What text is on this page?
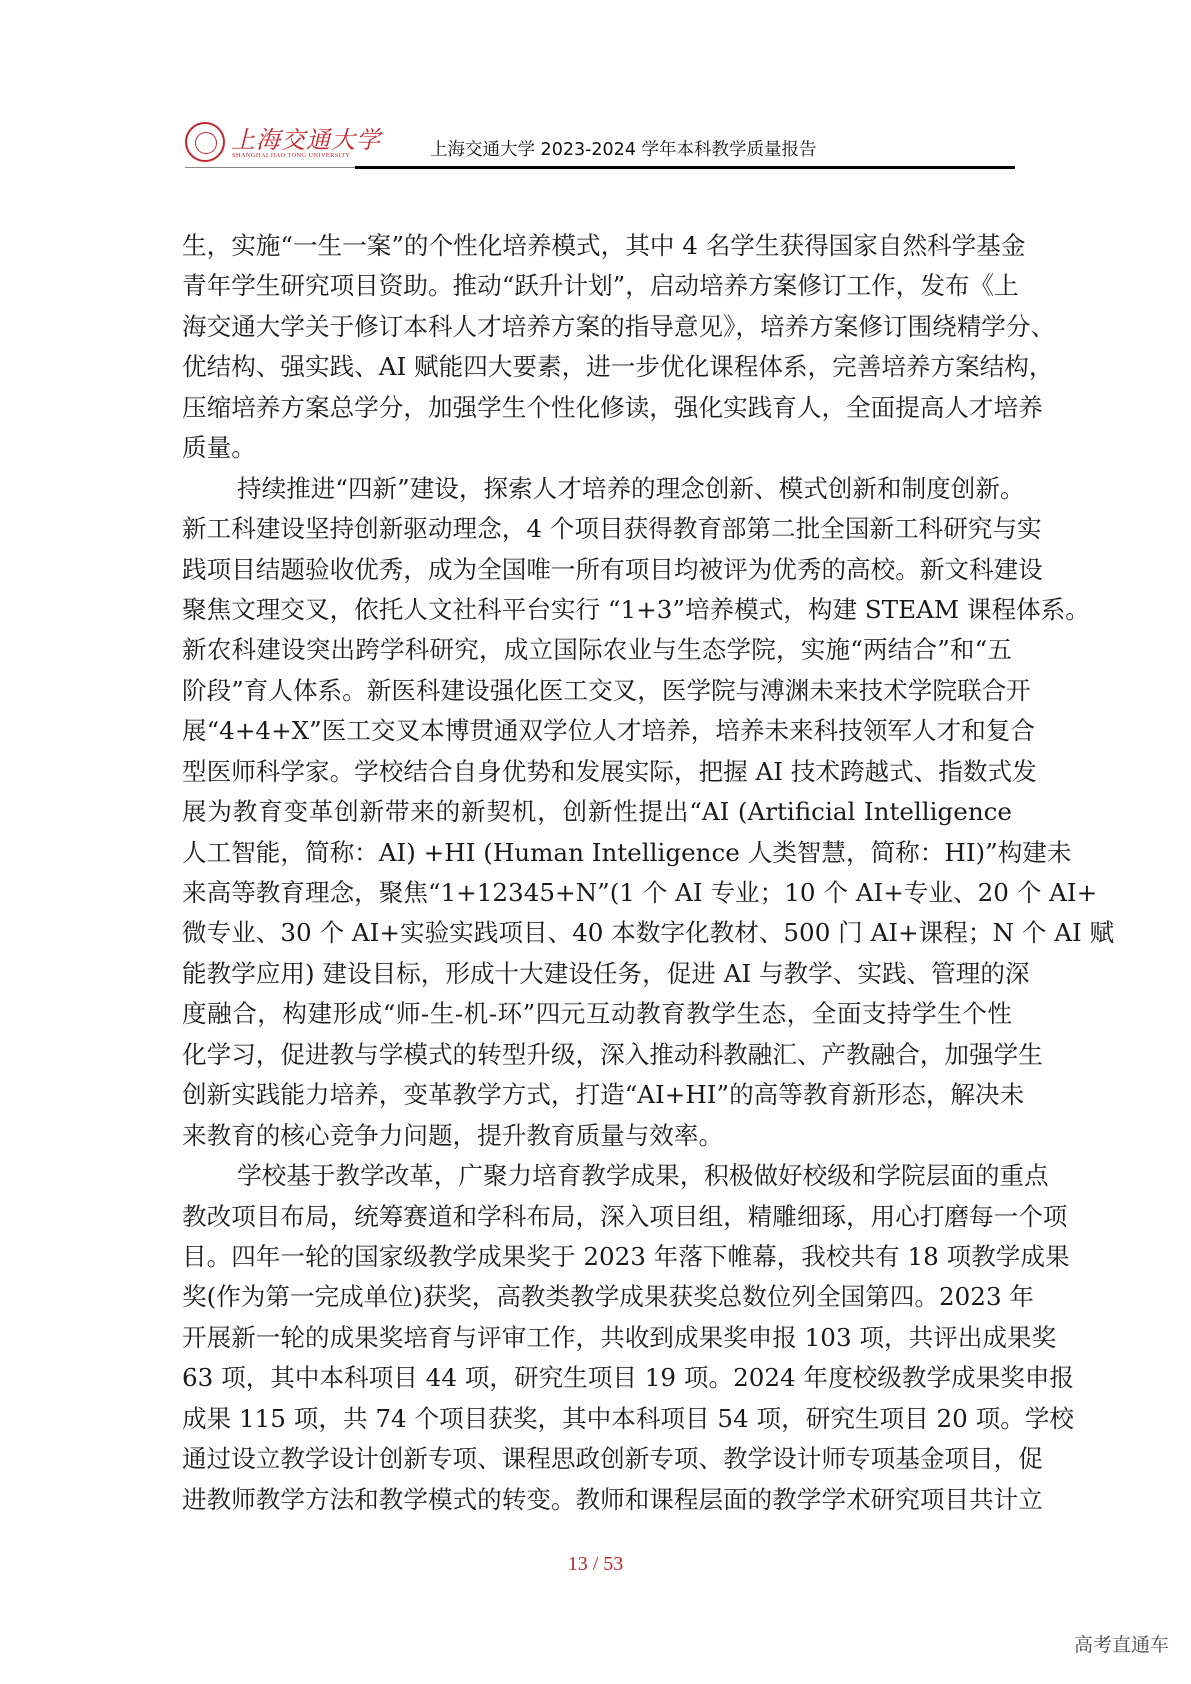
上海交通大学
SHANGHAI JIAO TONG UNIVERSITY	上海交通大学 2023-2024 学年本科教学质量报告
生，实施“一生一案”的个性化培养模式，其中 4 名学生获得国家自然科学基金
青年学生研究项目资助。推动“跃升计划”，启动培养方案修订工作，发布《上
海交通大学关于修订本科人才培养方案的指导意见》，培养方案修订围绕精学分、
优结构、强实践、AI 赋能四大要素，进一步优化课程体系，完善培养方案结构，
压缩培养方案总学分，加强学生个性化修读，强化实践育人，全面提高人才培养
质量。
持续推进“四新”建设，探索人才培养的理念创新、模式创新和制度创新。
新工科建设坚持创新驱动理念，4 个项目获得教育部第二批全国新工科研究与实
践项目结题验收优秀，成为全国唯一所有项目均被评为优秀的高校。新文科建设
聚焦文理交叉，依托人文社科平台实行 “1+3”培养模式，构建 STEAM 课程体系。
新农科建设突出跨学科研究，成立国际农业与生态学院，实施“两结合”和“五
阶段”育人体系。新医科建设强化医工交叉，医学院与溥渊未来技术学院联合开
展“4+4+X”医工交叉本博贯通双学位人才培养，培养未来科技领军人才和复合
型医师科学家。学校结合自身优势和发展实际，把握 AI 技术跨越式、指数式发
展为教育变革创新带来的新契机，创新性提出“AI (Artificial Intelligence
人工智能，简称：AI) +HI (Human Intelligence 人类智慧，简称：HI)”构建未
来高等教育理念，聚焦“1+12345+N”(1 个 AI 专业；10 个 AI+专业、20 个 AI+
微专业、30 个 AI+实验实践项目、40 本数字化教材、500 门 AI+课程；N 个 AI 赋
能教学应用) 建设目标，形成十大建设任务，促进 AI 与教学、实践、管理的深
度融合，构建形成“师-生-机-环”四元互动教育教学生态，全面支持学生个性
化学习，促进教与学模式的转型升级，深入推动科教融汇、产教融合，加强学生
创新实践能力培养，变革教学方式，打造“AI+HI”的高等教育新形态，解决未
来教育的核心竞争力问题，提升教育质量与效率。
学校基于教学改革，广聚力培育教学成果，积极做好校级和学院层面的重点
教改项目布局，统筹赛道和学科布局，深入项目组，精雕细琢，用心打磨每一个项
目。四年一轮的国家级教学成果奖于 2023 年落下帷幕，我校共有 18 项教学成果
奖(作为第一完成单位)获奖，高教类教学成果获奖总数位列全国第四。2023 年
开展新一轮的成果奖培育与评审工作，共收到成果奖申报 103 项，共评出成果奖
63 项，其中本科项目 44 项，研究生项目 19 项。2024 年度校级教学成果奖申报
成果 115 项，共 74 个项目获奖，其中本科项目 54 项，研究生项目 20 项。学校
通过设立教学设计创新专项、课程思政创新专项、教学设计师专项基金项目，促
进教师教学方法和教学模式的转变。教师和课程层面的教学学术研究项目共计立
13 / 53
高考直通车
